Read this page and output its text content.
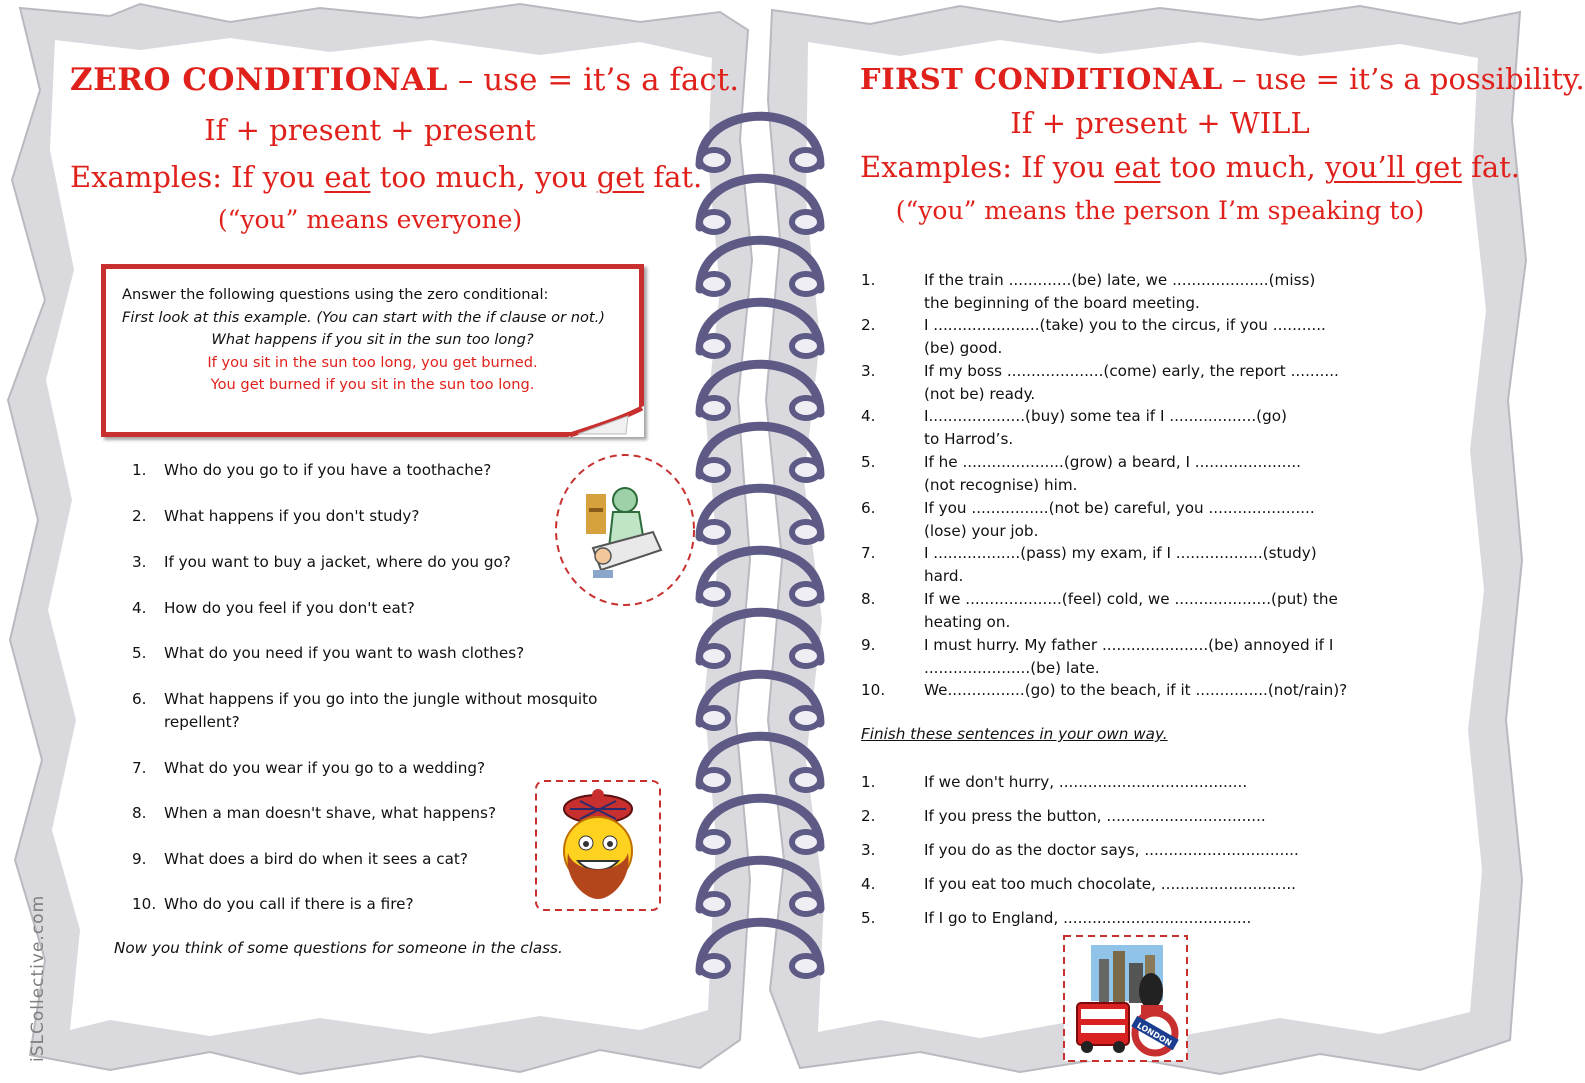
ZERO CONDITIONAL – use = it’s a fact.
If + present + present
Examples: If you eat too much, you get fat.
(“you” means everyone)
Answer the following questions using the zero conditional:
First look at this example. (You can start with the if clause or not.)
What happens if you sit in the sun too long?
If you sit in the sun too long, you get burned.
You get burned if you sit in the sun too long.
1. Who do you go to if you have a toothache?
2. What happens if you don't study?
3. If you want to buy a jacket, where do you go?
4. How do you feel if you don't eat?
5. What do you need if you want to wash clothes?
6. What happens if you go into the jungle without mosquito repellent?
7. What do you wear if you go to a wedding?
8. When a man doesn't shave, what happens?
9. What does a bird do when it sees a cat?
10. Who do you call if there is a fire?
Now you think of some questions for someone in the class.
FIRST CONDITIONAL – use = it’s a possibility.
If + present + WILL
Examples: If you eat too much, you’ll get fat.
(“you” means the person I’m speaking to)
1.	If the train .............(be) late, we ....................(miss)
the beginning of the board meeting.
2.	I ......................(take) you to the circus, if you ...........
(be) good.
3.	If my boss ....................(come) early, the report ..........
(not be) ready.
4.	I....................(buy) some tea if I ..................(go)
to Harrod’s.
5.	If he .....................(grow) a beard, I ......................
(not recognise) him.
6.	If you ................(not be) careful, you ......................
(lose) your job.
7.	I ..................(pass) my exam, if I ..................(study)
hard.
8.	If we ....................(feel) cold, we ....................(put) the
heating on.
9.	I must hurry. My father ......................(be) annoyed if I
......................(be) late.
10.	We................(go) to the beach, if it ...............(not/rain)?
Finish these sentences in your own way.
1.	If we don't hurry, .......................................
2.	If you press the button, .................................
3.	If you do as the doctor says, ................................
4.	If you eat too much chocolate, ............................
5.	If I go to England, .......................................
LONDON
iSLCollective.com
